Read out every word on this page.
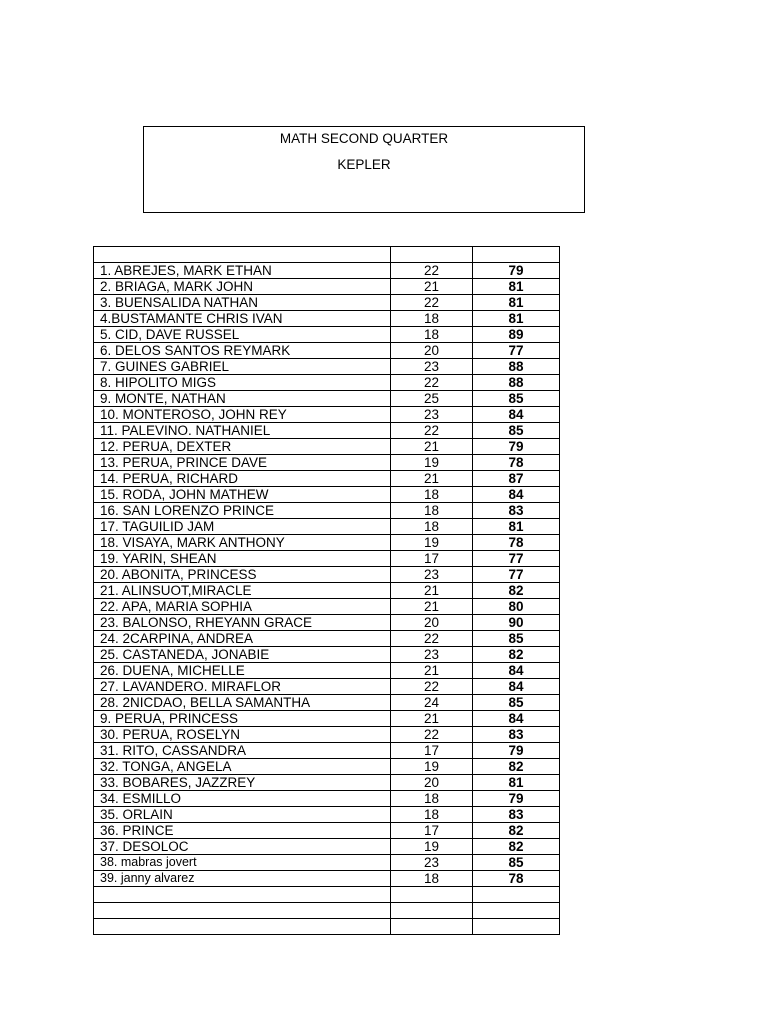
MATH SECOND QUARTER
KEPLER

1. ABREJES, MARK ETHAN	22	79
2. BRIAGA, MARK JOHN	21	81
3. BUENSALIDA NATHAN	22	81
4.BUSTAMANTE CHRIS IVAN	18	81
5. CID, DAVE RUSSEL	18	89
6. DELOS SANTOS REYMARK	20	77
7. GUINES GABRIEL	23	88
8. HIPOLITO MIGS	22	88
9. MONTE, NATHAN	25	85
10. MONTEROSO, JOHN REY	23	84
11. PALEVINO. NATHANIEL	22	85
12. PERUA, DEXTER	21	79
13. PERUA, PRINCE DAVE	19	78
14. PERUA, RICHARD	21	87
15. RODA, JOHN MATHEW	18	84
16. SAN LORENZO PRINCE	18	83
17. TAGUILID JAM	18	81
18. VISAYA, MARK ANTHONY	19	78
19. YARIN, SHEAN	17	77
20. ABONITA, PRINCESS	23	77
21. ALINSUOT,MIRACLE	21	82
22. APA, MARIA SOPHIA	21	80
23. BALONSO, RHEYANN GRACE	20	90
24. 2CARPINA, ANDREA	22	85
25. CASTANEDA, JONABIE	23	82
26. DUENA, MICHELLE	21	84
27. LAVANDERO. MIRAFLOR	22	84
28. 2NICDAO, BELLA SAMANTHA	24	85
9. PERUA, PRINCESS	21	84
30. PERUA, ROSELYN	22	83
31. RITO, CASSANDRA	17	79
32. TONGA, ANGELA	19	82
33. BOBARES, JAZZREY	20	81
34. ESMILLO	18	79
35. ORLAIN	18	83
36. PRINCE	17	82
37. DESOLOC	19	82
38. mabras jovert	23	85
39. janny alvarez	18	78
